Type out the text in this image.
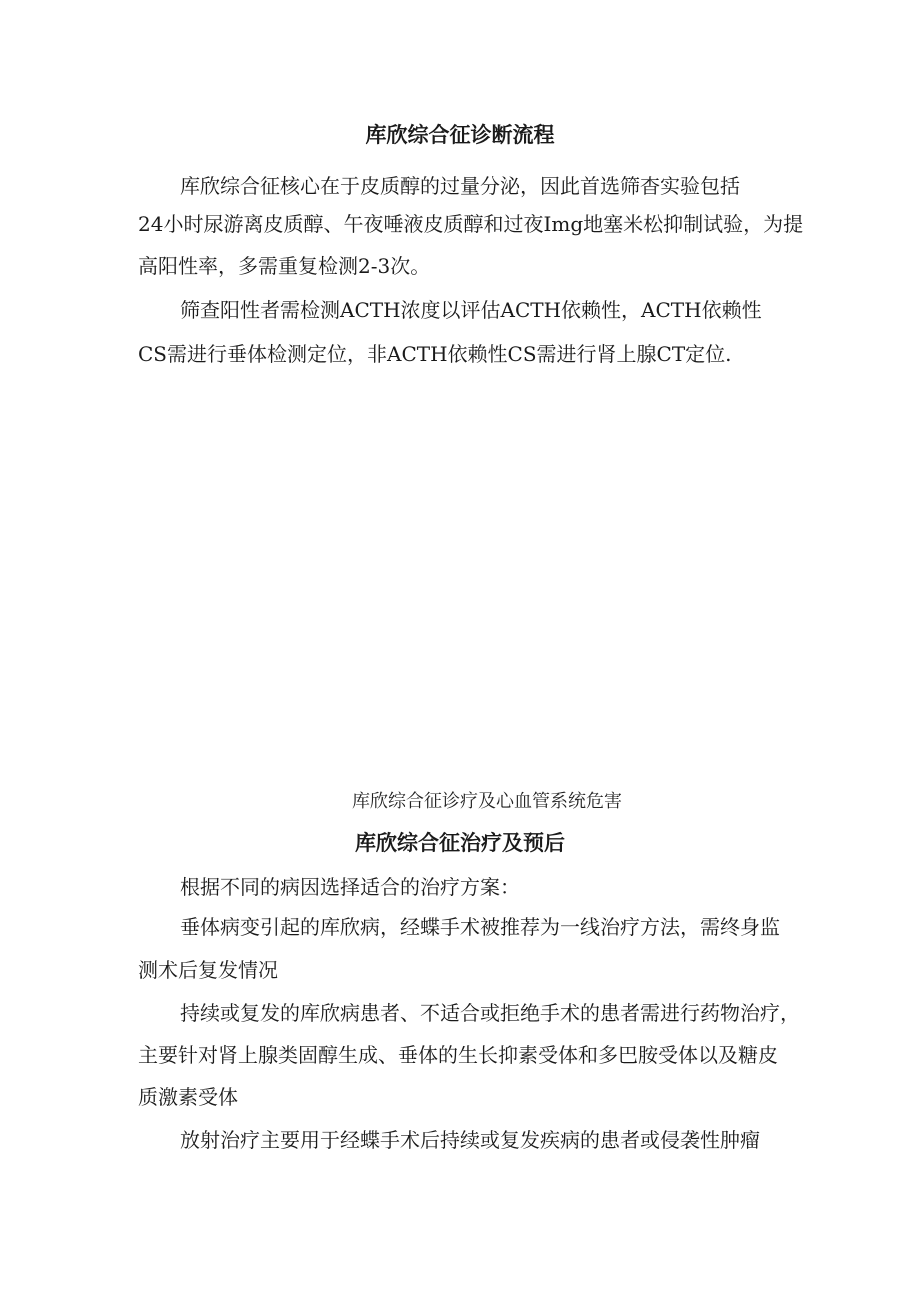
库欣综合征诊断流程
库欣综合征核心在于皮质醇的过量分泌，因此首选筛杳实验包括
24小时尿游离皮质醇、午夜唾液皮质醇和过夜Img地塞米松抑制试验，为提
高阳性率，多需重复检测2-3次。
筛查阳性者需检测ACTH浓度以评估ACTH依赖性，ACTH依赖性
CS需进行垂体检测定位，非ACTH依赖性CS需进行肾上腺CT定位.
库欣综合征诊疗及心血管系统危害
库欣综合征治疗及预后
根据不同的病因选择适合的治疗方案：
垂体病变引起的库欣病，经蝶手术被推荐为一线治疗方法，需终身监
测术后复发情况
持续或复发的库欣病患者、不适合或拒绝手术的患者需进行药物治疗，
主要针对肾上腺类固醇生成、垂体的生长抑素受体和多巴胺受体以及糖皮
质激素受体
放射治疗主要用于经蝶手术后持续或复发疾病的患者或侵袭性肿瘤
